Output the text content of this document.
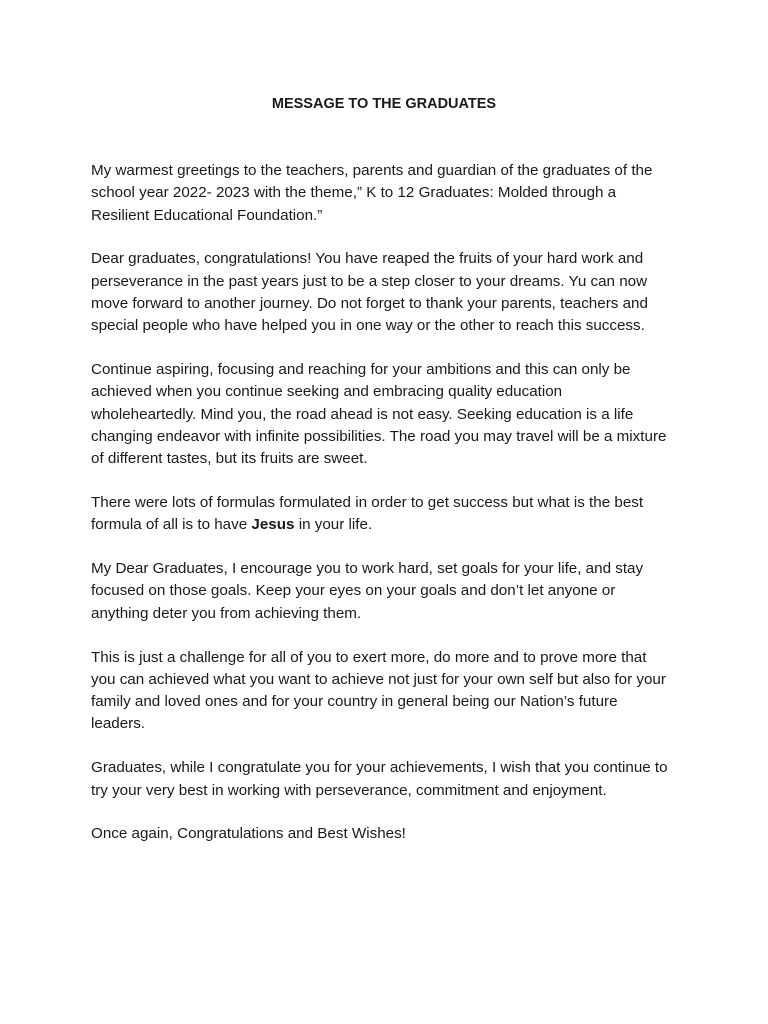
MESSAGE TO THE GRADUATES

My warmest greetings to the teachers, parents and guardian of the graduates of the school year 2022- 2023 with the theme,” K to 12 Graduates: Molded through a Resilient Educational Foundation.”

Dear graduates, congratulations! You have reaped the fruits of your hard work and perseverance in the past years just to be a step closer to your dreams. Yu can now move forward to another journey. Do not forget to thank your parents, teachers and special people who have helped you in one way or the other to reach this success.

Continue aspiring, focusing and reaching for your ambitions and this can only be achieved when you continue seeking and embracing quality education wholeheartedly. Mind you, the road ahead is not easy. Seeking education is a life changing endeavor with infinite possibilities. The road you may travel will be a mixture of different tastes, but its fruits are sweet.

There were lots of formulas formulated in order to get success but what is the best formula of all is to have Jesus in your life.

My Dear Graduates, I encourage you to work hard, set goals for your life, and stay focused on those goals. Keep your eyes on your goals and don’t let anyone or anything deter you from achieving them.

This is just a challenge for all of you to exert more, do more and to prove more that you can achieved what you want to achieve not just for your own self but also for your family and loved ones and for your country in general being our Nation’s future leaders.

Graduates, while I congratulate you for your achievements, I wish that you continue to try your very best in working with perseverance, commitment and enjoyment.

Once again, Congratulations and Best Wishes!
